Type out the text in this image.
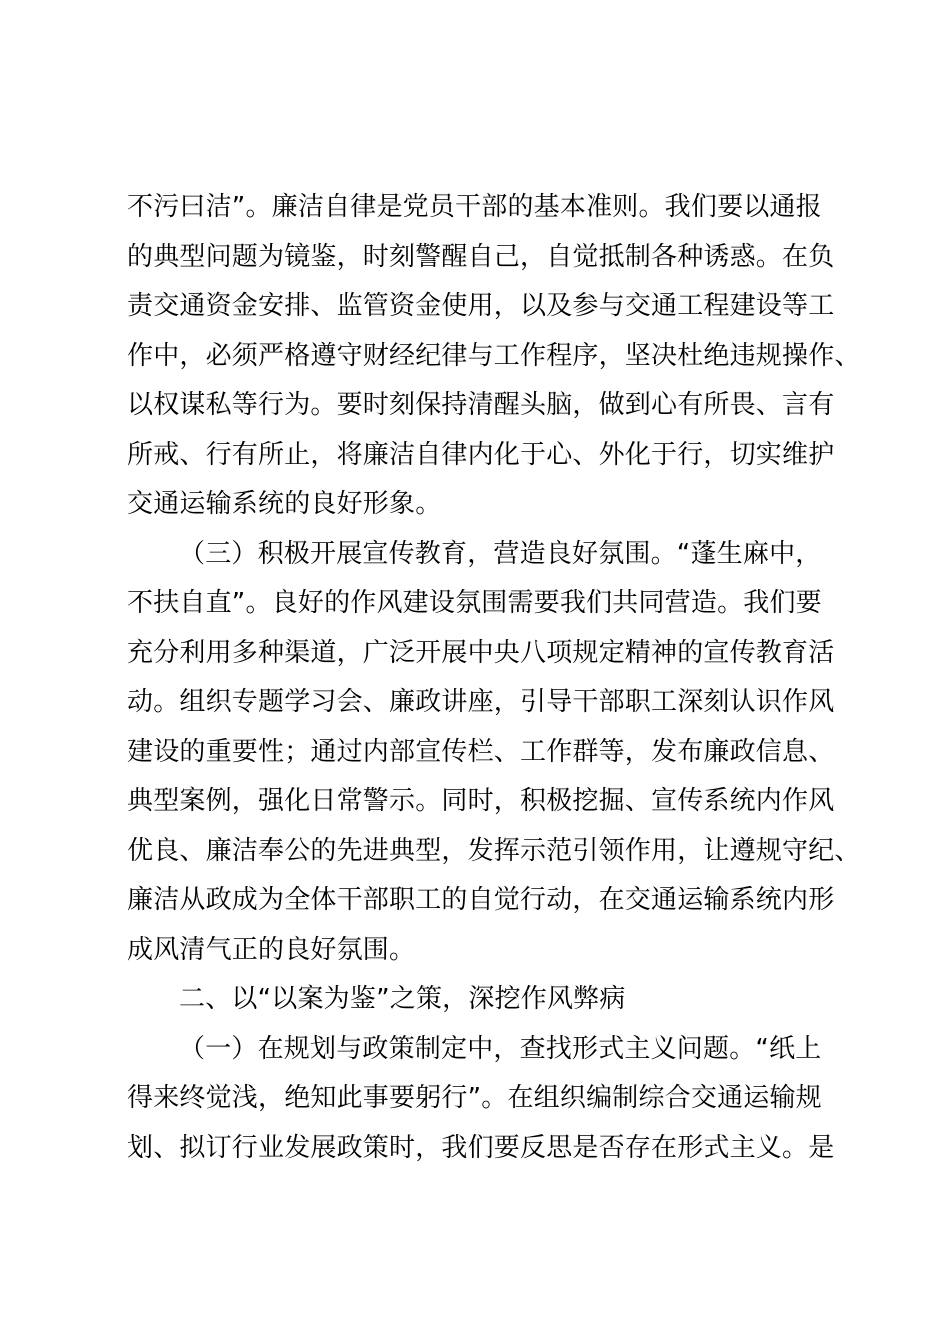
不污曰洁”。廉洁自律是党员干部的基本准则。我们要以通报
的典型问题为镜鉴，时刻警醒自己，自觉抵制各种诱惑。在负
责交通资金安排、监管资金使用，以及参与交通工程建设等工
作中，必须严格遵守财经纪律与工作程序，坚决杜绝违规操作、
以权谋私等行为。要时刻保持清醒头脑，做到心有所畏、言有
所戒、行有所止，将廉洁自律内化于心、外化于行，切实维护
交通运输系统的良好形象。
（三）积极开展宣传教育，营造良好氛围。“蓬生麻中，
不扶自直”。良好的作风建设氛围需要我们共同营造。我们要
充分利用多种渠道，广泛开展中央八项规定精神的宣传教育活
动。组织专题学习会、廉政讲座，引导干部职工深刻认识作风
建设的重要性；通过内部宣传栏、工作群等，发布廉政信息、
典型案例，强化日常警示。同时，积极挖掘、宣传系统内作风
优良、廉洁奉公的先进典型，发挥示范引领作用，让遵规守纪、
廉洁从政成为全体干部职工的自觉行动，在交通运输系统内形
成风清气正的良好氛围。
二、以“以案为鉴”之策，深挖作风弊病
（一）在规划与政策制定中，查找形式主义问题。“纸上
得来终觉浅，绝知此事要躬行”。在组织编制综合交通运输规
划、拟订行业发展政策时，我们要反思是否存在形式主义。是
